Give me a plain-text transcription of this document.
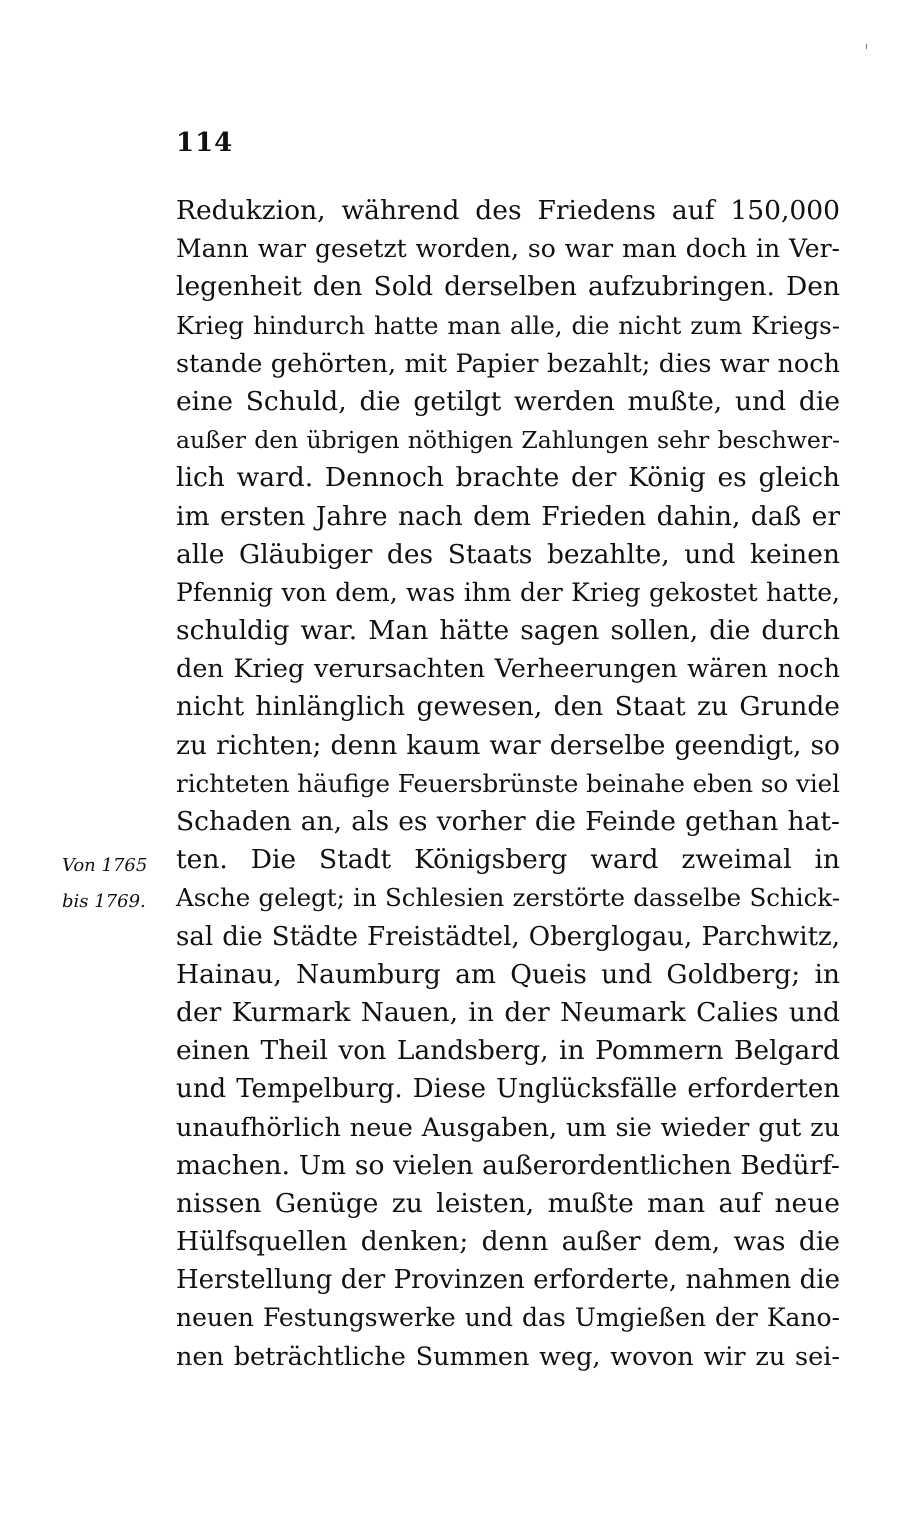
114
Von 1765
bis 1769.
Redukzion, während des Friedens auf 150,000
Mann war gesetzt worden, so war man doch in Ver-
legenheit den Sold derselben aufzubringen. Den
Krieg hindurch hatte man alle, die nicht zum Kriegs-
stande gehörten, mit Papier bezahlt; dies war noch
eine Schuld, die getilgt werden mußte, und die
außer den übrigen nöthigen Zahlungen sehr beschwer-
lich ward. Dennoch brachte der König es gleich
im ersten Jahre nach dem Frieden dahin, daß er
alle Gläubiger des Staats bezahlte, und keinen
Pfennig von dem, was ihm der Krieg gekostet hatte,
schuldig war. Man hätte sagen sollen, die durch
den Krieg verursachten Verheerungen wären noch
nicht hinlänglich gewesen, den Staat zu Grunde
zu richten; denn kaum war derselbe geendigt, so
richteten häufige Feuersbrünste beinahe eben so viel
Schaden an, als es vorher die Feinde gethan hat-
ten. Die Stadt Königsberg ward zweimal in
Asche gelegt; in Schlesien zerstörte dasselbe Schick-
sal die Städte Freistädtel, Oberglogau, Parchwitz,
Hainau, Naumburg am Queis und Goldberg; in
der Kurmark Nauen, in der Neumark Calies und
einen Theil von Landsberg, in Pommern Belgard
und Tempelburg. Diese Unglücksfälle erforderten
unaufhörlich neue Ausgaben, um sie wieder gut zu
machen. Um so vielen außerordentlichen Bedürf-
nissen Genüge zu leisten, mußte man auf neue
Hülfsquellen denken; denn außer dem, was die
Herstellung der Provinzen erforderte, nahmen die
neuen Festungswerke und das Umgießen der Kano-
nen beträchtliche Summen weg, wovon wir zu sei-
